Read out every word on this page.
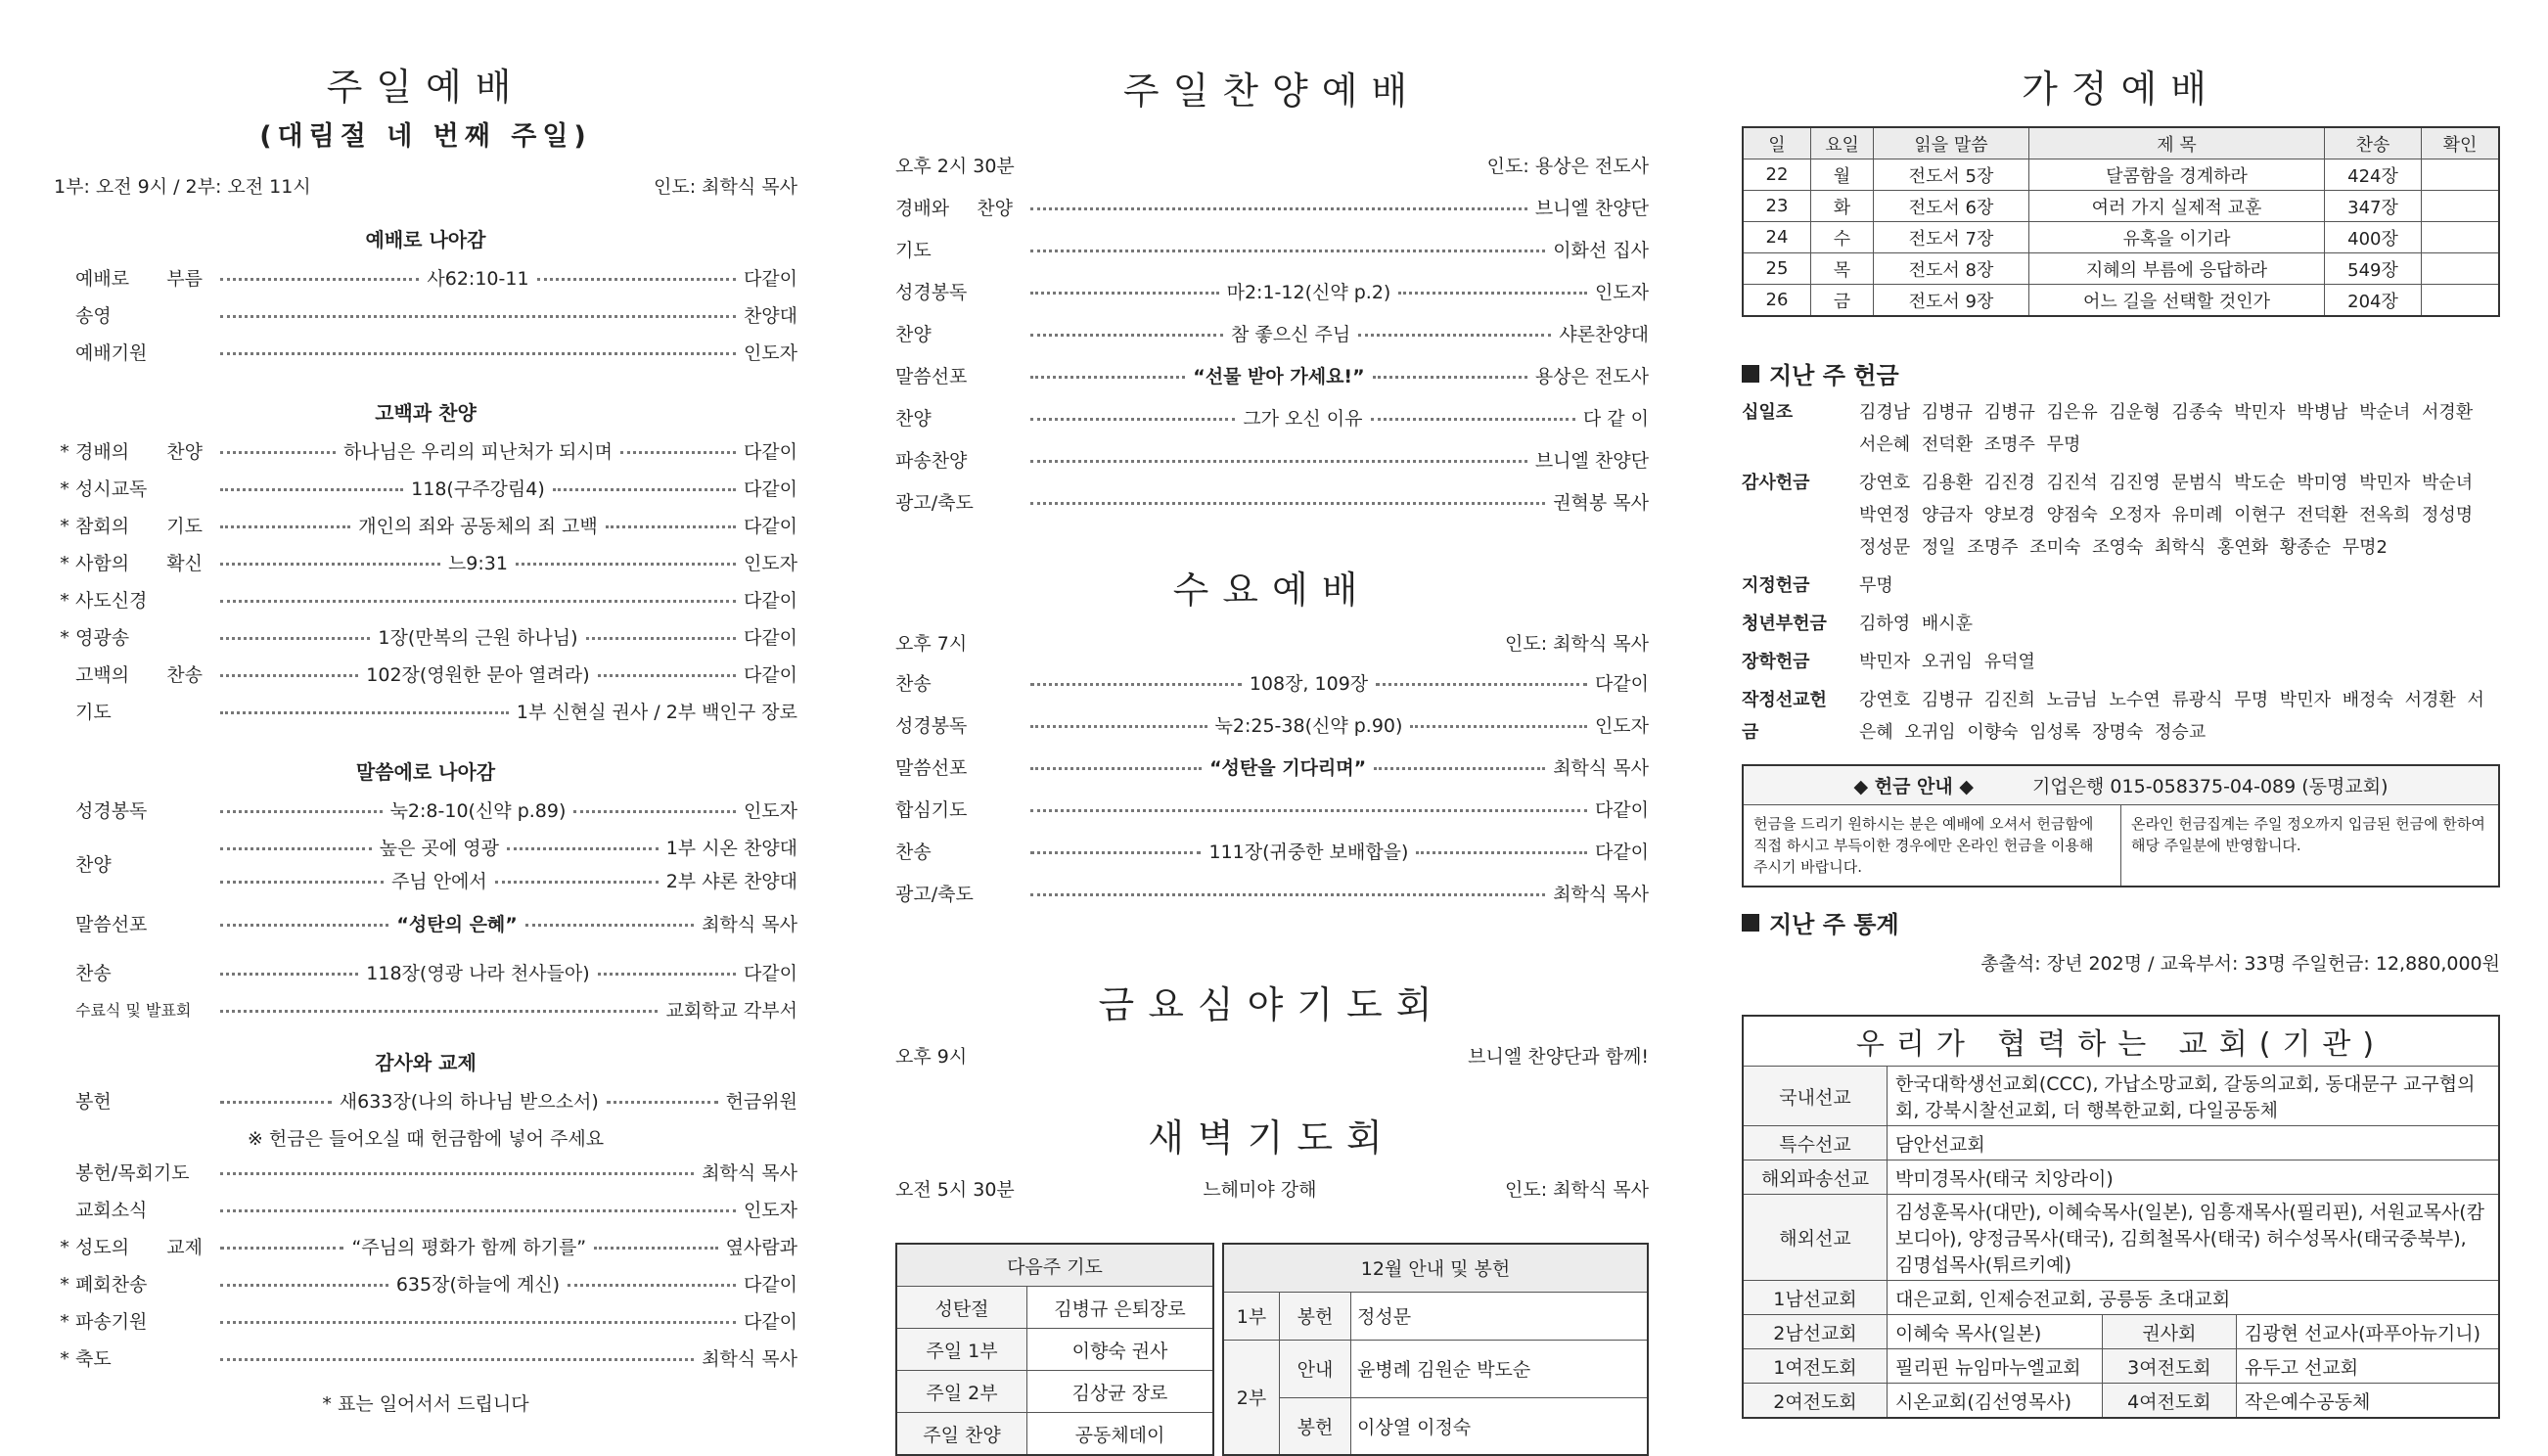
주일예배
(대림절 네 번째 주일)
1부: 오전 9시 / 2부: 오전 11시	인도: 최학식 목사
예배로 나아감
예배로 부름	사62:10-11	다같이
송영	찬양대
예배기원	인도자
고백과 찬양
* 경배의 찬양	하나님은 우리의 피난처가 되시며	다같이
* 성시교독	118(구주강림4)	다같이
* 참회의 기도	개인의 죄와 공동체의 죄 고백	다같이
* 사함의 확신	느9:31	인도자
* 사도신경	다같이
* 영광송	1장(만복의 근원 하나님)	다같이
고백의 찬송	102장(영원한 문아 열려라)	다같이
기도	1부 신현실 권사 / 2부 백인구 장로
말씀에로 나아감
성경봉독	눅2:8-10(신약 p.89)	인도자
찬양
높은 곳에 영광	1부 시온 찬양대
주님 안에서	2부 샤론 찬양대
말씀선포	“성탄의 은혜”	최학식 목사
찬송	118장(영광 나라 천사들아)	다같이
수료식 및 발표회	교회학교 각부서
감사와 교제
봉헌	새633장(나의 하나님 받으소서)	헌금위원
※ 헌금은 들어오실 때 헌금함에 넣어 주세요
봉헌/목회기도	최학식 목사
교회소식	인도자
* 성도의 교제	“주님의 평화가 함께 하기를”	옆사람과
* 폐회찬송	635장(하늘에 계신)	다같이
* 파송기원	다같이
* 축도	최학식 목사
* 표는 일어서서 드립니다
주일찬양예배
오후 2시 30분	인도: 용상은 전도사
경배와 찬양	브니엘 찬양단
기도	이화선 집사
성경봉독	마2:1-12(신약 p.2)	인도자
찬양	참 좋으신 주님	샤론찬양대
말씀선포	“선물 받아 가세요!”	용상은 전도사
찬양	그가 오신 이유	다 같 이
파송찬양	브니엘 찬양단
광고/축도	권혁봉 목사
수요예배
오후 7시	인도: 최학식 목사
찬송	108장, 109장	다같이
성경봉독	눅2:25-38(신약 p.90)	인도자
말씀선포	“성탄을 기다리며”	최학식 목사
합심기도	다같이
찬송	111장(귀중한 보배합을)	다같이
광고/축도	최학식 목사
금요심야기도회
오후 9시	브니엘 찬양단과 함께!
새벽기도회
오전 5시 30분	느헤미야 강해	인도: 최학식 목사
다음주 기도	
성탄절	김병규 은퇴장로
주일 1부	이향숙 권사
주일 2부	김상균 장로
주일 찬양	공동체데이
12월 안내 및 봉헌		
1부	봉헌	정성문
2부	안내	윤병례 김원순 박도순
	봉헌	이상열 이정숙
가정예배
일	요일	읽을 말씀	제 목	찬송	확인
22	월	전도서 5장	달콤함을 경계하라	424장	
23	화	전도서 6장	여러 가지 실제적 교훈	347장	
24	수	전도서 7장	유혹을 이기라	400장	
25	목	전도서 8장	지혜의 부름에 응답하라	549장	
26	금	전도서 9장	어느 길을 선택할 것인가	204장	
지난 주 헌금
십일조	김경남 김병규 김병규 김은유 김운형 김종숙 박민자 박병남 박순녀 서경환 서은혜 전덕환 조명주 무명
감사헌금	강연호 김용환 김진경 김진석 김진영 문범식 박도순 박미영 박민자 박순녀 박연정 양금자 양보경 양점숙 오정자 유미례 이현구 전덕환 전옥희 정성명 정성문 정일 조명주 조미숙 조영숙 최학식 홍연화 황종순 무명2
지정헌금	무명
청년부헌금	김하영 배시훈
장학헌금	박민자 오귀임 유덕열
작정선교헌금
강연호 김병규 김진희 노금님 노수연 류광식 무명 박민자 배정숙 서경환 서은혜 오귀임 이향숙 임성록 장명숙 정승교
◆ 헌금 안내 ◆	기업은행 015-058375-04-089 (동명교회)
헌금을 드리기 원하시는 분은 예배에 오셔서 헌금함에 직접 하시고 부득이한 경우에만 온라인 헌금을 이용해 주시기 바랍니다.
온라인 헌금집계는 주일 정오까지 입금된 헌금에 한하여 해당 주일분에 반영합니다.
지난 주 통계
총출석: 장년 202명 / 교육부서: 33명 주일헌금: 12,880,000원
우리가 협력하는 교회(기관)			
국내선교	한국대학생선교회(CCC), 가납소망교회, 갈동의교회, 동대문구 교구협의회, 강북시찰선교회, 더 행복한교회, 다일공동체		
특수선교	담안선교회		
해외파송선교	박미경목사(태국 치앙라이)		
해외선교	김성훈목사(대만), 이혜숙목사(일본), 임흥재목사(필리핀), 서원교목사(캄보디아), 양정금목사(태국), 김희철목사(태국) 허수성목사(태국중북부), 김명섭목사(튀르키예)		
1남선교회	대은교회, 인제승전교회, 공릉동 초대교회		
2남선교회	이혜숙 목사(일본)	권사회	김광현 선교사(파푸아뉴기니)
1여전도회	필리핀 뉴임마누엘교회	3여전도회	유두고 선교회
2여전도회	시온교회(김선영목사)	4여전도회	작은예수공동체
